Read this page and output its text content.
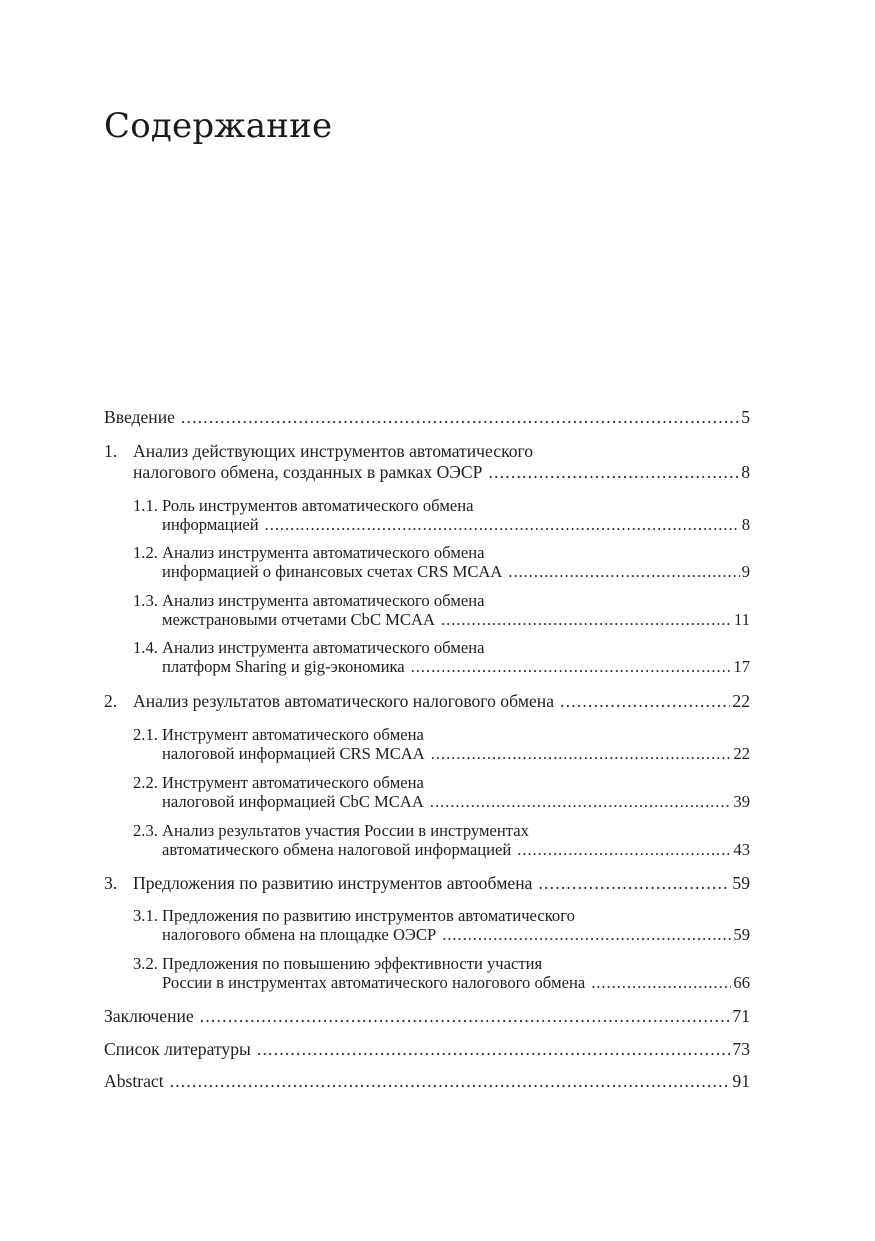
Содержание
Введение . . .	5
1. Анализ действующих инструментов автоматического
налогового обмена, созданных в рамках ОЭСР . . .	8
1.1. Роль инструментов автоматического обмена
информацией . . .	8
1.2. Анализ инструмента автоматического обмена
информацией о финансовых счетах CRS MCAA . . .	9
1.3. Анализ инструмента автоматического обмена
межстрановыми отчетами CbC MCAA . . .	11
1.4. Анализ инструмента автоматического обмена
платформ Sharing и gig-экономика . . .	17
2. Анализ результатов автоматического налогового обмена . . .	22
2.1. Инструмент автоматического обмена
налоговой информацией CRS MCAA . . .	22
2.2. Инструмент автоматического обмена
налоговой информацией CbC MCAA . . .	39
2.3. Анализ результатов участия России в инструментах
автоматического обмена налоговой информацией . . .	43
3. Предложения по развитию инструментов автообмена . . .	59
3.1. Предложения по развитию инструментов автоматического
налогового обмена на площадке ОЭСР . . .	59
3.2. Предложения по повышению эффективности участия
России в инструментах автоматического налогового обмена . . .	66
Заключение . . .	71
Список литературы . . .	73
Abstract . . .	91
